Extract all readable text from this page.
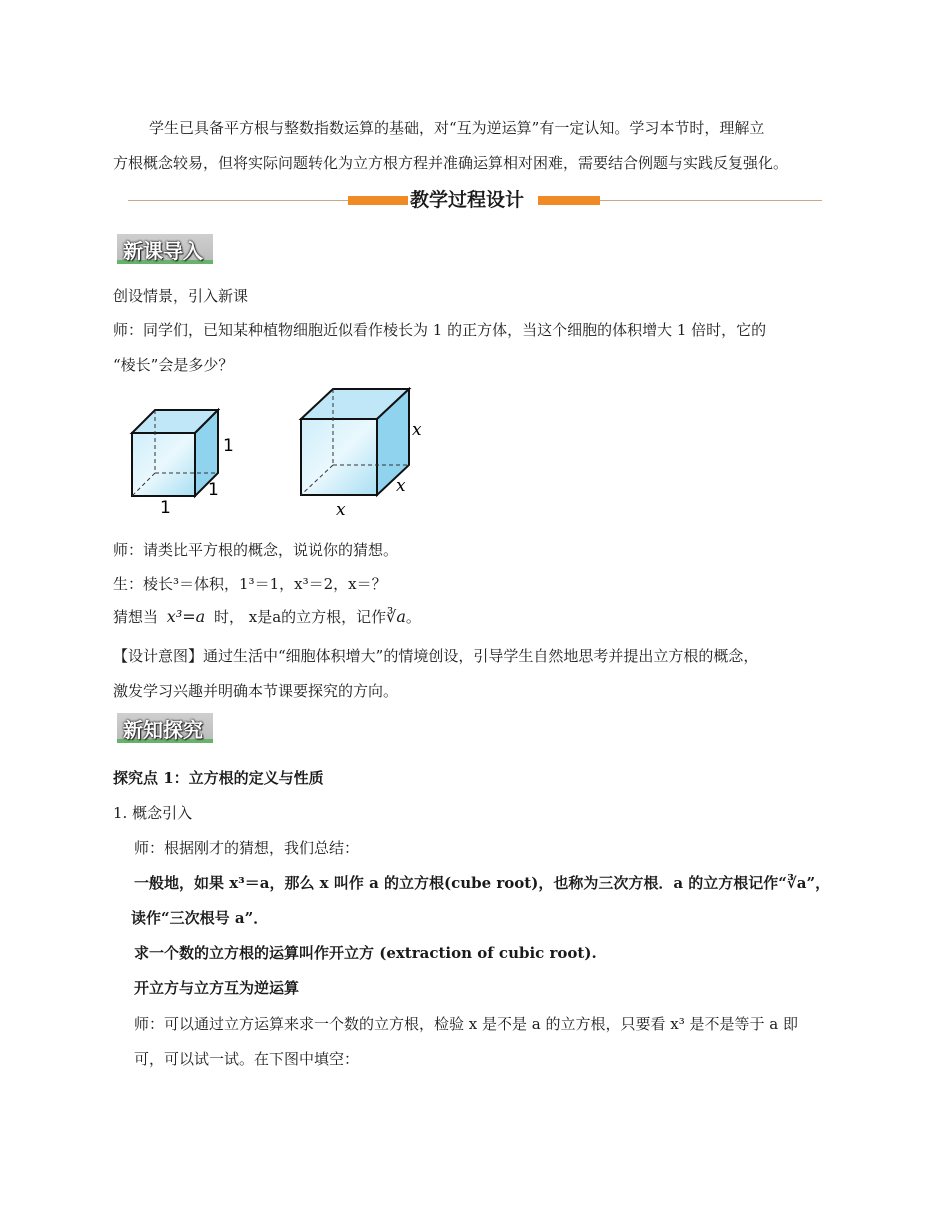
学生已具备平方根与整数指数运算的基础，对“互为逆运算”有一定认知。学习本节时，理解立
方根概念较易，但将实际问题转化为立方根方程并准确运算相对困难，需要结合例题与实践反复强化。
教学过程设计
新课导入
创设情景，引入新课
师：同学们，已知某种植物细胞近似看作棱长为 1 的正方体，当这个细胞的体积增大 1 倍时，它的
“棱长”会是多少？
1
1
1
x
x
x
师：请类比平方根的概念，说说你的猜想。
生：棱长³＝体积，1³＝1，x³＝2，x＝？
猜想当 x³=a 时， x是a的立方根，记作∛a。
【设计意图】通过生活中“细胞体积增大”的情境创设，引导学生自然地思考并提出立方根的概念，
激发学习兴趣并明确本节课要探究的方向。
新知探究
探究点 1：立方根的定义与性质
1. 概念引入
师：根据刚才的猜想，我们总结：
一般地，如果 x³＝a，那么 x 叫作 a 的立方根(cube root)，也称为三次方根．a 的立方根记作“∛a”，
读作“三次根号 a”．
求一个数的立方根的运算叫作开立方 (extraction of cubic root).
开立方与立方互为逆运算
师：可以通过立方运算来求一个数的立方根，检验 x 是不是 a 的立方根，只要看 x³ 是不是等于 a 即
可，可以试一试。在下图中填空：
